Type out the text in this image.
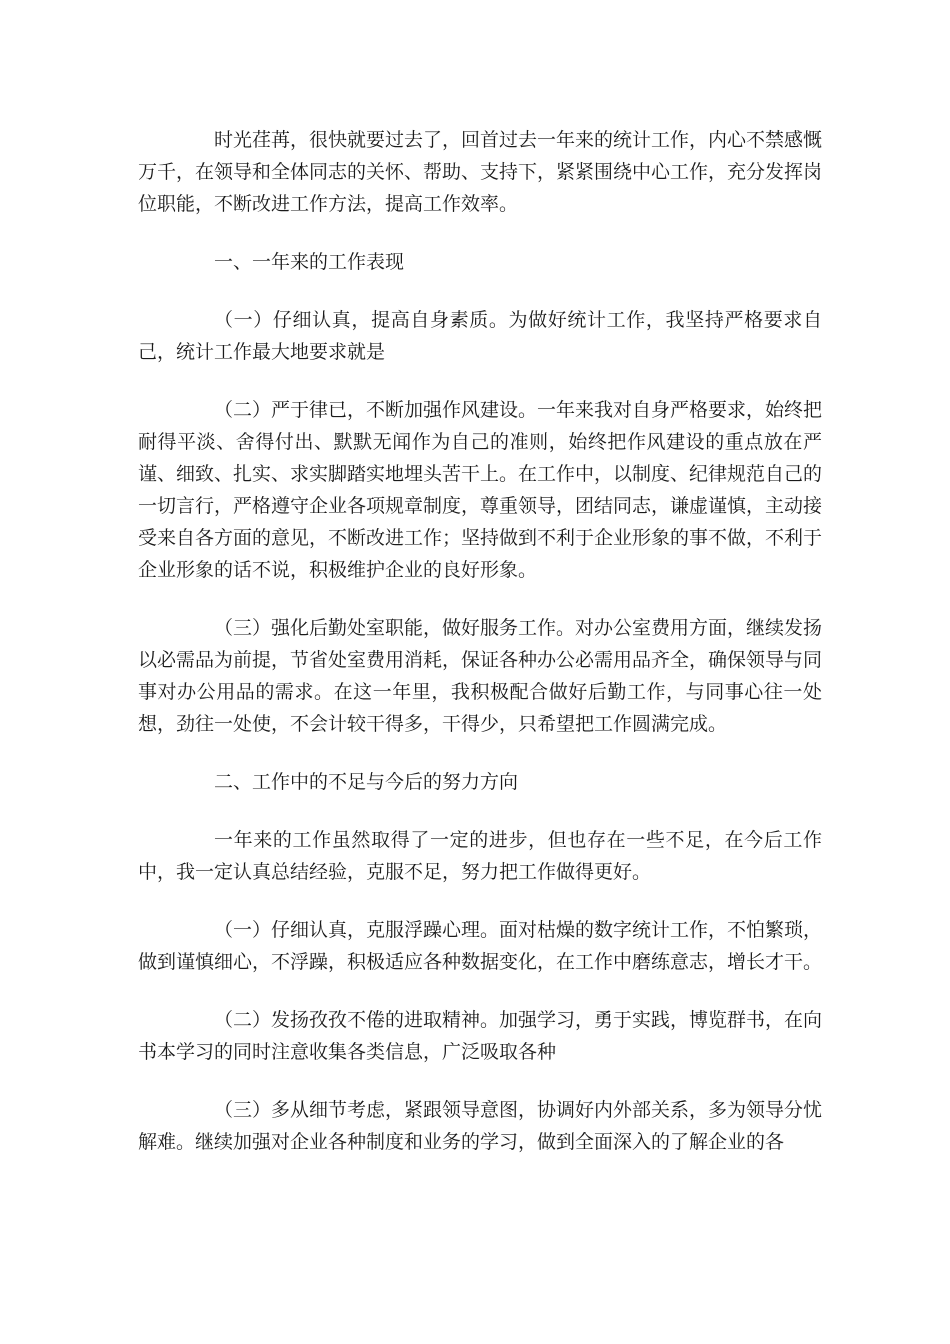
时光荏苒，很快就要过去了，回首过去一年来的统计工作，内心不禁感慨万千，在领导和全体同志的关怀、帮助、支持下，紧紧围绕中心工作，充分发挥岗位职能，不断改进工作方法，提高工作效率。

一、一年来的工作表现

（一）仔细认真，提高自身素质。为做好统计工作，我坚持严格要求自己，统计工作最大地要求就是

（二）严于律已，不断加强作风建设。一年来我对自身严格要求，始终把耐得平淡、舍得付出、默默无闻作为自己的准则，始终把作风建设的重点放在严谨、细致、扎实、求实脚踏实地埋头苦干上。在工作中，以制度、纪律规范自己的一切言行，严格遵守企业各项规章制度，尊重领导，团结同志，谦虚谨慎，主动接受来自各方面的意见，不断改进工作；坚持做到不利于企业形象的事不做，不利于企业形象的话不说，积极维护企业的良好形象。

（三）强化后勤处室职能，做好服务工作。对办公室费用方面，继续发扬以必需品为前提，节省处室费用消耗，保证各种办公必需用品齐全，确保领导与同事对办公用品的需求。在这一年里，我积极配合做好后勤工作，与同事心往一处想，劲往一处使，不会计较干得多，干得少，只希望把工作圆满完成。

二、工作中的不足与今后的努力方向

一年来的工作虽然取得了一定的进步，但也存在一些不足，在今后工作中，我一定认真总结经验，克服不足，努力把工作做得更好。

（一）仔细认真，克服浮躁心理。面对枯燥的数字统计工作，不怕繁琐，做到谨慎细心，不浮躁，积极适应各种数据变化，在工作中磨练意志，增长才干。

（二）发扬孜孜不倦的进取精神。加强学习，勇于实践，博览群书，在向书本学习的同时注意收集各类信息，广泛吸取各种

（三）多从细节考虑，紧跟领导意图，协调好内外部关系，多为领导分忧解难。继续加强对企业各种制度和业务的学习，做到全面深入的了解企业的各
